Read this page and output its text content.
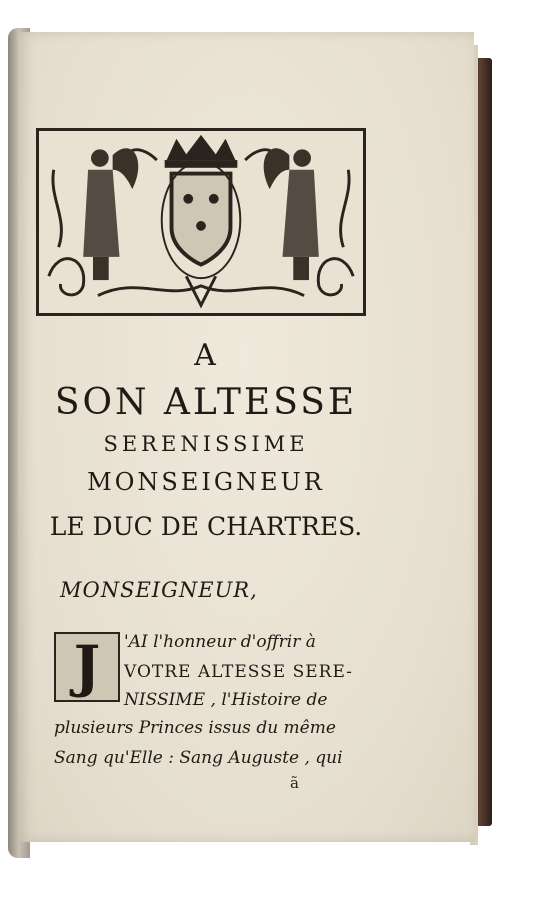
A
SON ALTESSE
SERENISSIME
MONSEIGNEUR
LE DUC DE CHARTRES.
MONSEIGNEUR,
J 'AI l'honneur d'offrir à
VOTRE ALTESSE SERE-
NISSIME , l'Histoire de
plusieurs Princes issus du même
Sang qu'Elle : Sang Auguste , qui
ã
